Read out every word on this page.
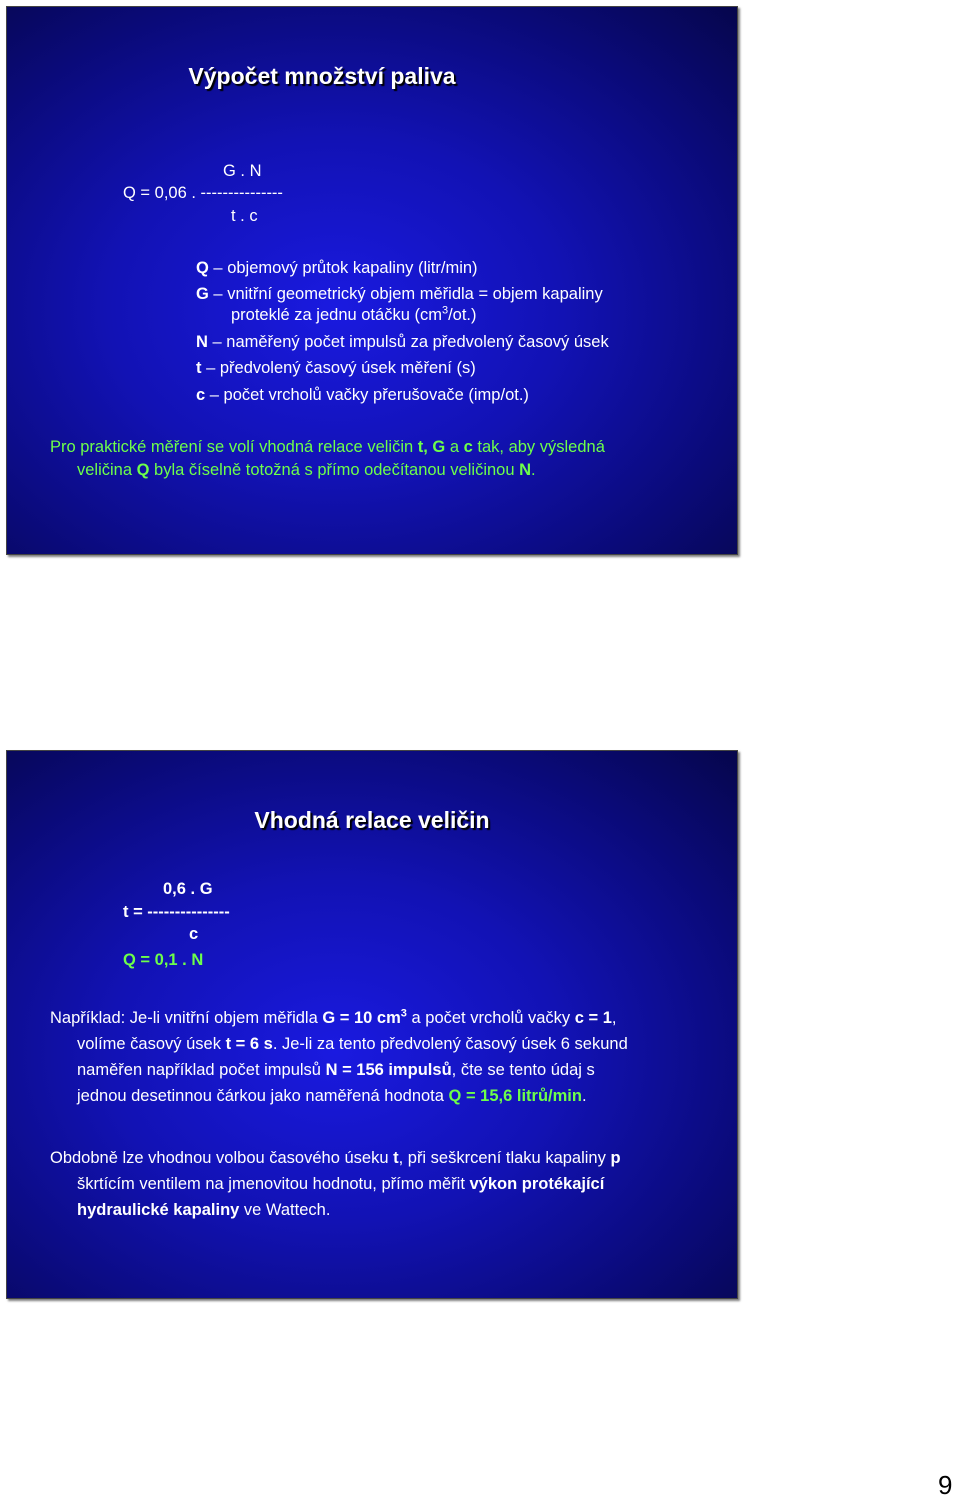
Výpočet množství paliva
G . N
Q = 0,06 . ---------------
t . c
Q – objemový průtok kapaliny (litr/min)
G – vnitřní geometrický objem měřidla = objem kapaliny
proteklé za jednu otáčku $(cm^3/ot.)$
N – naměřený počet impulsů za předvolený časový úsek
t – předvolený časový úsek měření (s)
c – počet vrcholů vačky přerušovače (imp/ot.)
Pro praktické měření se volí vhodná relace veličin t, G a c tak, aby výsledná
veličina Q byla číselně totožná s přímo odečítanou veličinou N.
Vhodná relace veličin
0,6 . G
t = ---------------
c
Q = 0,1 . N
Například: Je-li vnitřní objem měřidla G = 10 $cm^3$ a počet vrcholů vačky c = 1,
volíme časový úsek t = 6 s. Je-li za tento předvolený časový úsek 6 sekund
naměřen například počet impulsů N = 156 impulsů, čte se tento údaj s
jednou desetinnou čárkou jako naměřená hodnota Q = 15,6 litrů/min.
Obdobně lze vhodnou volbou časového úseku t, při seškrcení tlaku kapaliny p
škrtícím ventilem na jmenovitou hodnotu, přímo měřit výkon protékající
hydraulické kapaliny ve Wattech.
9
